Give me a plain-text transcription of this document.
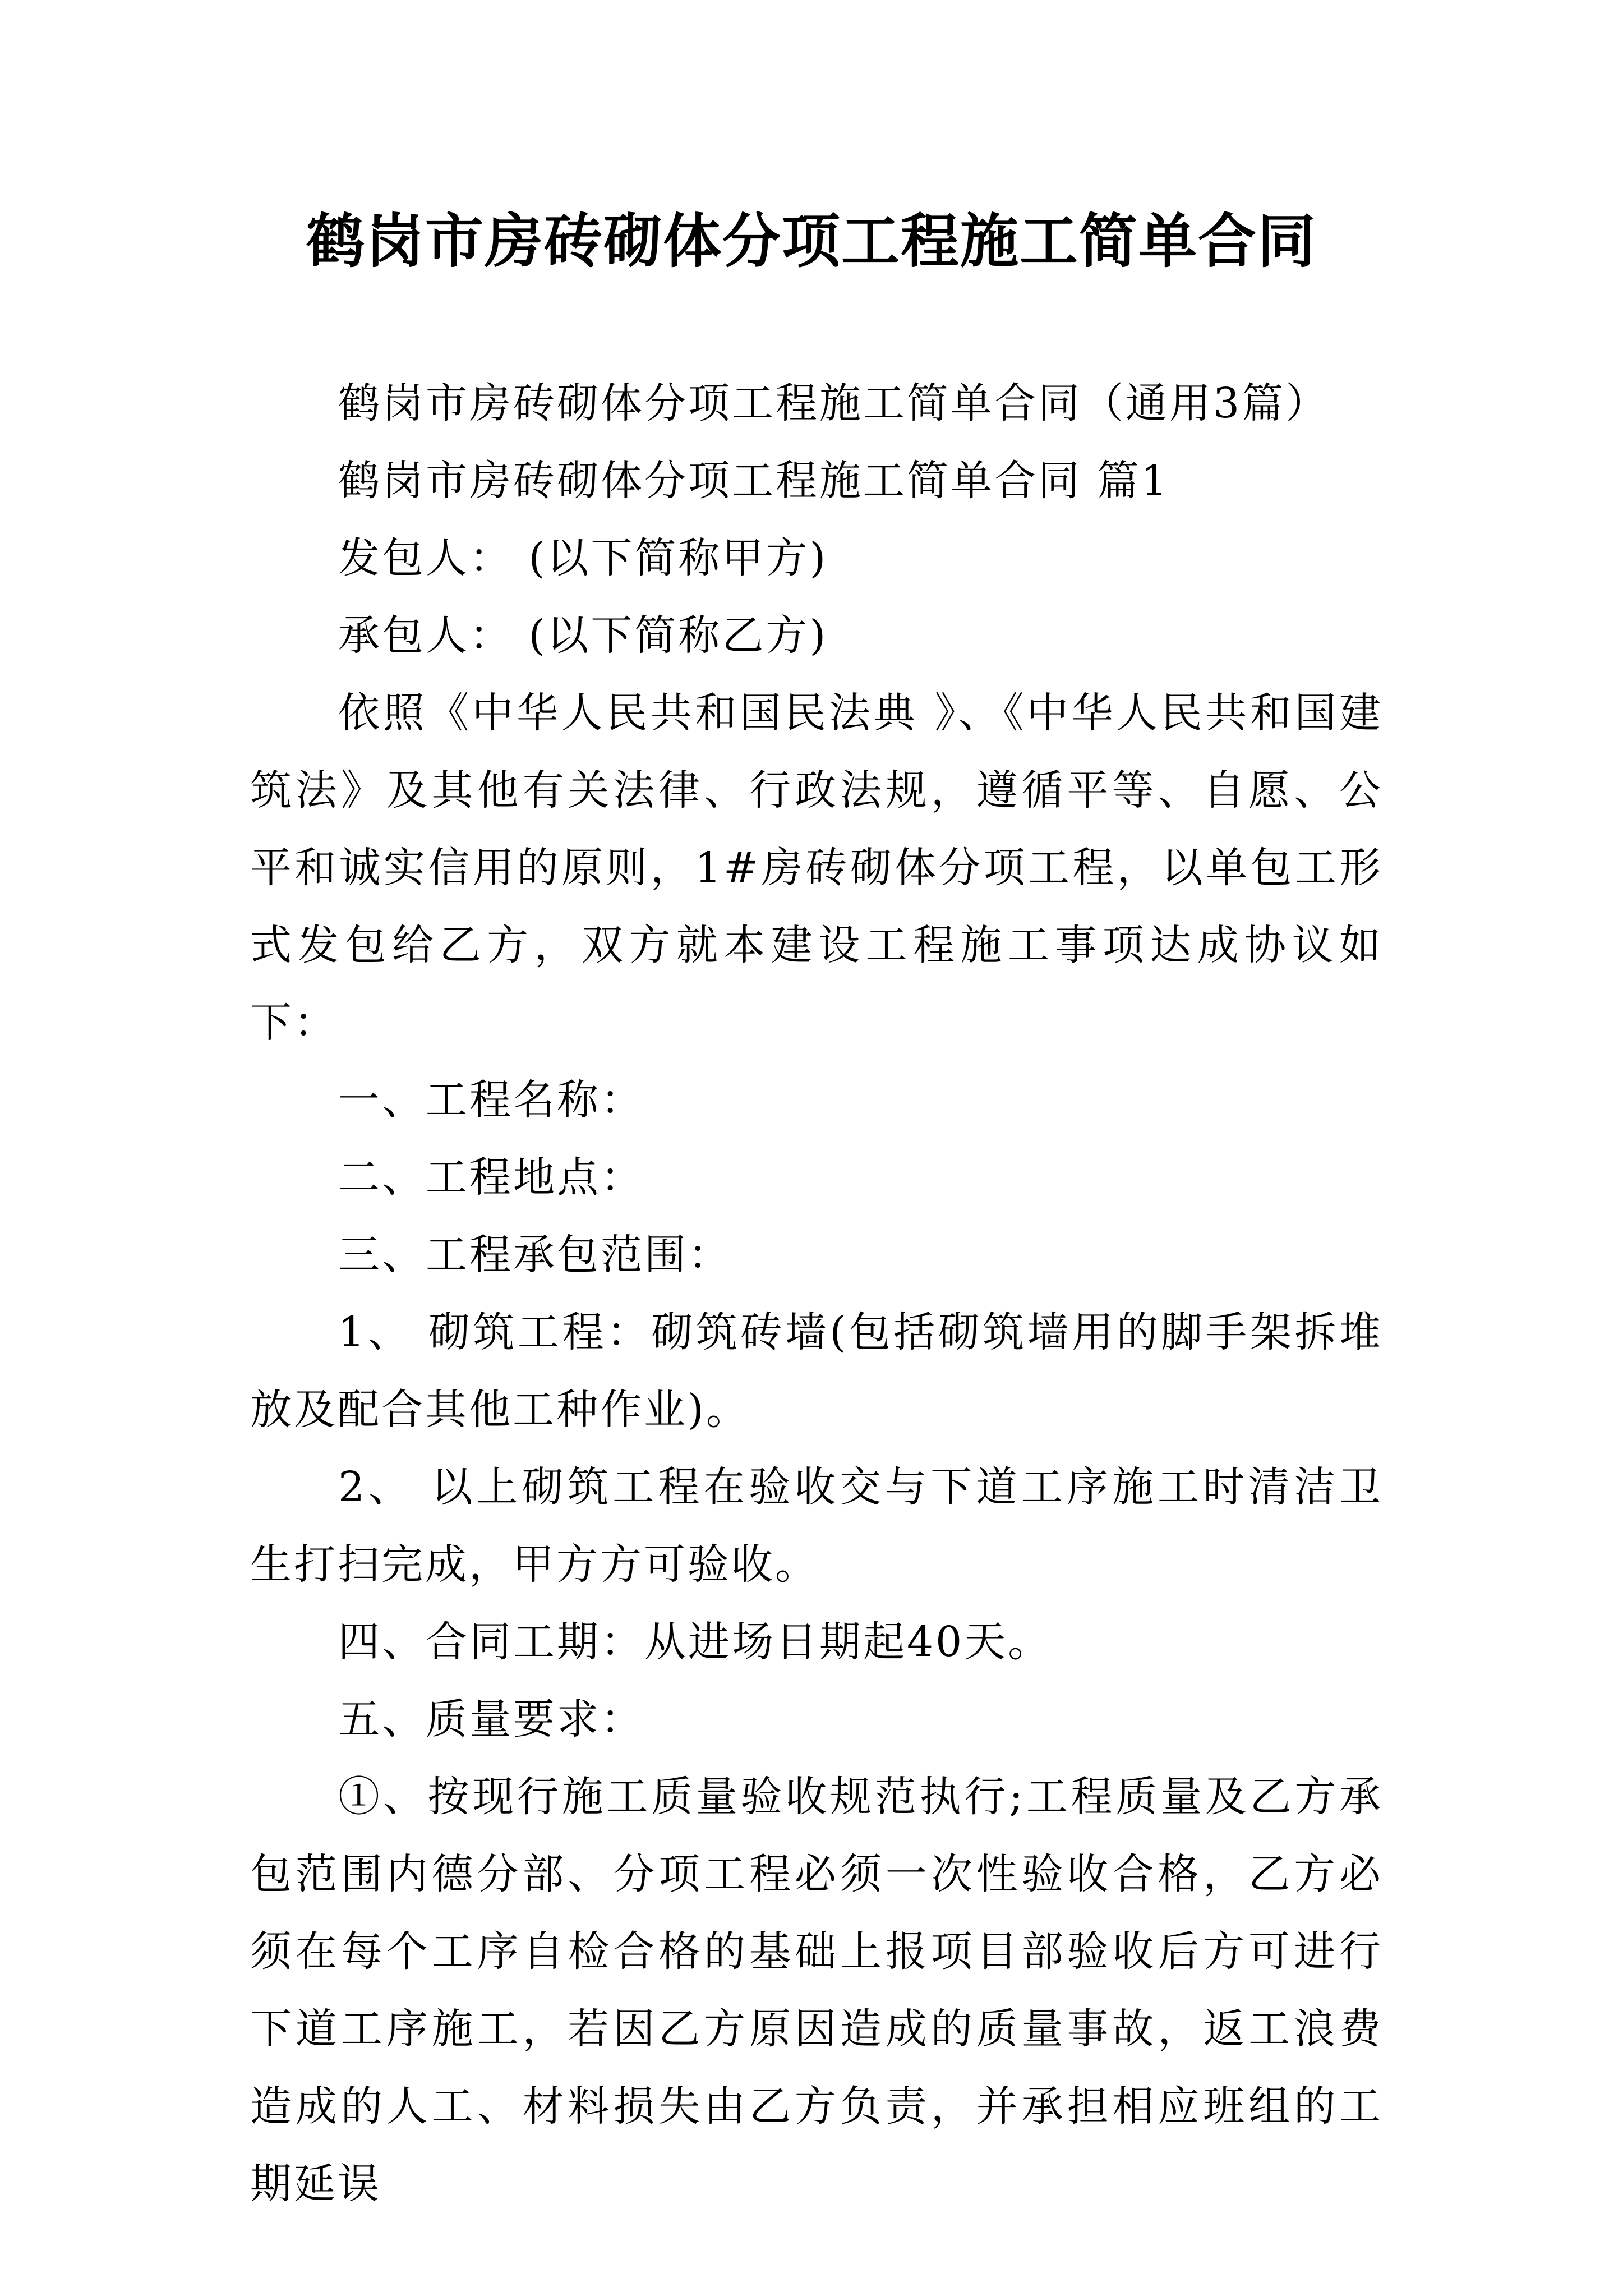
鹤岗市房砖砌体分项工程施工简单合同

鹤岗市房砖砌体分项工程施工简单合同（通用3篇）

鹤岗市房砖砌体分项工程施工简单合同 篇1

发包人： (以下简称甲方)

承包人： (以下简称乙方)

依照《中华人民共和国民法典 》、《中华人民共和国建筑法》及其他有关法律、行政法规，遵循平等、自愿、公平和诚实信用的原则，1#房砖砌体分项工程，以单包工形式发包给乙方，双方就本建设工程施工事项达成协议如下：

一、工程名称：

二、工程地点：

三、工程承包范围：

1、 砌筑工程：砌筑砖墙(包括砌筑墙用的脚手架拆堆放及配合其他工种作业)。

2、 以上砌筑工程在验收交与下道工序施工时清洁卫生打扫完成，甲方方可验收。

四、合同工期：从进场日期起40天。

五、质量要求：

①、按现行施工质量验收规范执行;工程质量及乙方承包范围内德分部、分项工程必须一次性验收合格，乙方必须在每个工序自检合格的基础上报项目部验收后方可进行下道工序施工，若因乙方原因造成的质量事故，返工浪费造成的人工、材料损失由乙方负责，并承担相应班组的工期延误
